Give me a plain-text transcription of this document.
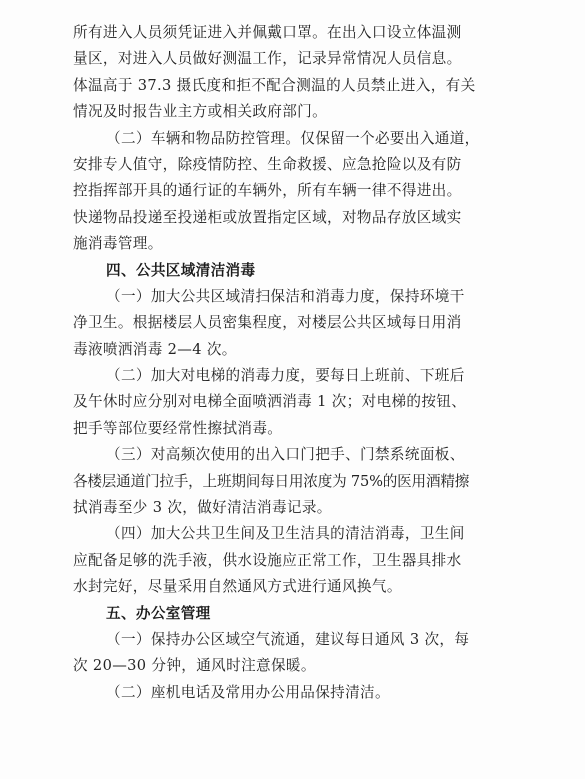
所有进入人员须凭证进入并佩戴口罩。在出入口设立体温测
量区，对进入人员做好测温工作，记录异常情况人员信息。
体温高于 37.3 摄氏度和拒不配合测温的人员禁止进入，有关
情况及时报告业主方或相关政府部门。
（二）车辆和物品防控管理。仅保留一个必要出入通道，
安排专人值守，除疫情防控、生命救援、应急抢险以及有防
控指挥部开具的通行证的车辆外，所有车辆一律不得进出。
快递物品投递至投递柜或放置指定区域，对物品存放区域实
施消毒管理。
四、公共区域清洁消毒
（一）加大公共区域清扫保洁和消毒力度，保持环境干
净卫生。根据楼层人员密集程度，对楼层公共区域每日用消
毒液喷洒消毒 2—4 次。
（二）加大对电梯的消毒力度，要每日上班前、下班后
及午休时应分别对电梯全面喷洒消毒 1 次；对电梯的按钮、
把手等部位要经常性擦拭消毒。
（三）对高频次使用的出入口门把手、门禁系统面板、
各楼层通道门拉手，上班期间每日用浓度为 75%的医用酒精擦
拭消毒至少 3 次，做好清洁消毒记录。
（四）加大公共卫生间及卫生洁具的清洁消毒，卫生间
应配备足够的洗手液，供水设施应正常工作，卫生器具排水
水封完好，尽量采用自然通风方式进行通风换气。
五、办公室管理
（一）保持办公区域空气流通，建议每日通风 3 次，每
次 20—30 分钟，通风时注意保暖。
（二）座机电话及常用办公用品保持清洁。
